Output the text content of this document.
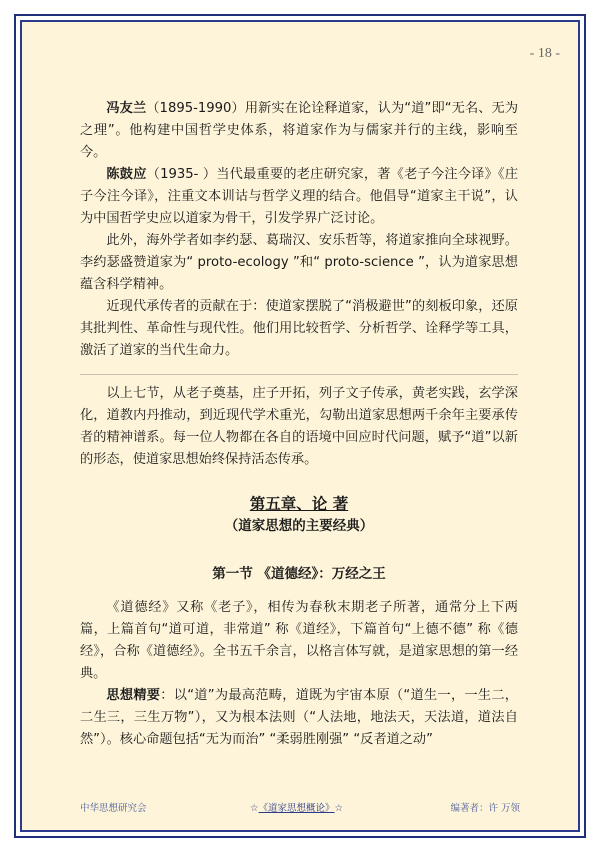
- 18 -

冯友兰（1895-1990）用新实在论诠释道家，认为“道”即“无名、无为之理”。他构建中国哲学史体系，将道家作为与儒家并行的主线，影响至今。

陈鼓应（1935- ）当代最重要的老庄研究家，著《老子今注今译》《庄子今注今译》，注重文本训诂与哲学义理的结合。他倡导“道家主干说”，认为中国哲学史应以道家为骨干，引发学界广泛讨论。

此外，海外学者如李约瑟、葛瑞汉、安乐哲等，将道家推向全球视野。李约瑟盛赞道家为“ proto-ecology ”和“ proto-science ”，认为道家思想蕴含科学精神。

近现代承传者的贡献在于：使道家摆脱了“消极避世”的刻板印象，还原其批判性、革命性与现代性。他们用比较哲学、分析哲学、诠释学等工具，激活了道家的当代生命力。

以上七节，从老子奠基，庄子开拓，列子文子传承，黄老实践，玄学深化，道教内丹推动，到近现代学术重光，勾勒出道家思想两千余年主要承传者的精神谱系。每一位人物都在各自的语境中回应时代问题，赋予“道”以新的形态，使道家思想始终保持活态传承。

第五章、论 著
（道家思想的主要经典）
第一节 《道德经》：万经之王

《道德经》又称《老子》，相传为春秋末期老子所著，通常分上下两篇，上篇首句“道可道，非常道” 称《道经》，下篇首句“上德不德” 称《德经》，合称《道德经》。全书五千余言，以格言体写就，是道家思想的第一经典。

思想精要：以“道”为最高范畴，道既为宇宙本原（“道生一，一生二，二生三，三生万物”），又为根本法则（“人法地，地法天，天法道，道法自然”）。核心命题包括“无为而治” “柔弱胜刚强” “反者道之动”

中华思想研究会	☆《道家思想概论》☆	编著者：许 万领
